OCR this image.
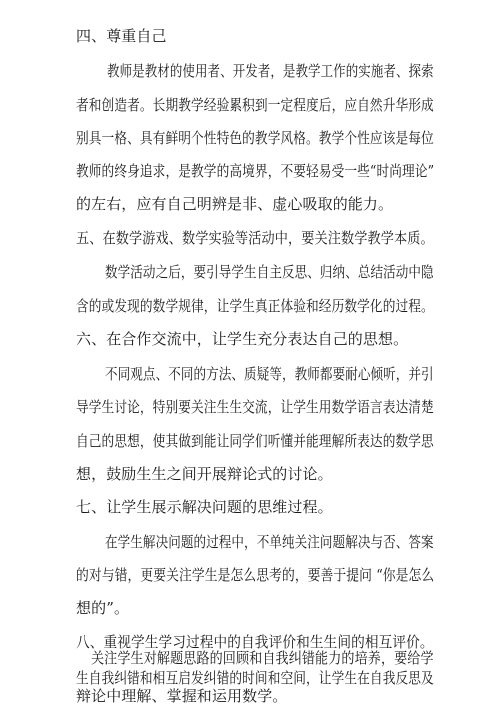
四、尊重自己
教师是教材的使用者、开发者，是教学工作的实施者、探索
者和创造者。长期教学经验累积到一定程度后，应自然升华形成
别具一格、具有鲜明个性特色的教学风格。教学个性应该是每位
教师的终身追求，是教学的高境界，不要轻易受一些“时尚理论”
的左右，应有自己明辨是非、虚心吸取的能力。
五、在数学游戏、数学实验等活动中，要关注数学教学本质。
数学活动之后，要引导学生自主反思、归纳、总结活动中隐
含的或发现的数学规律，让学生真正体验和经历数学化的过程。
六、在合作交流中，让学生充分表达自己的思想。
不同观点、不同的方法、质疑等，教师都要耐心倾听，并引
导学生讨论，特别要关注生生交流，让学生用数学语言表达清楚
自己的思想，使其做到能让同学们听懂并能理解所表达的数学思
想，鼓励生生之间开展辩论式的讨论。
七、让学生展示解决问题的思维过程。
在学生解决问题的过程中，不单纯关注问题解决与否、答案
的对与错，更要关注学生是怎么思考的，要善于提问 “你是怎么
想的”。
八、重视学生学习过程中的自我评价和生生间的相互评价。
关注学生对解题思路的回顾和自我纠错能力的培养，要给学
生自我纠错和相互启发纠错的时间和空间，让学生在自我反思及
辩论中理解、掌握和运用数学。
